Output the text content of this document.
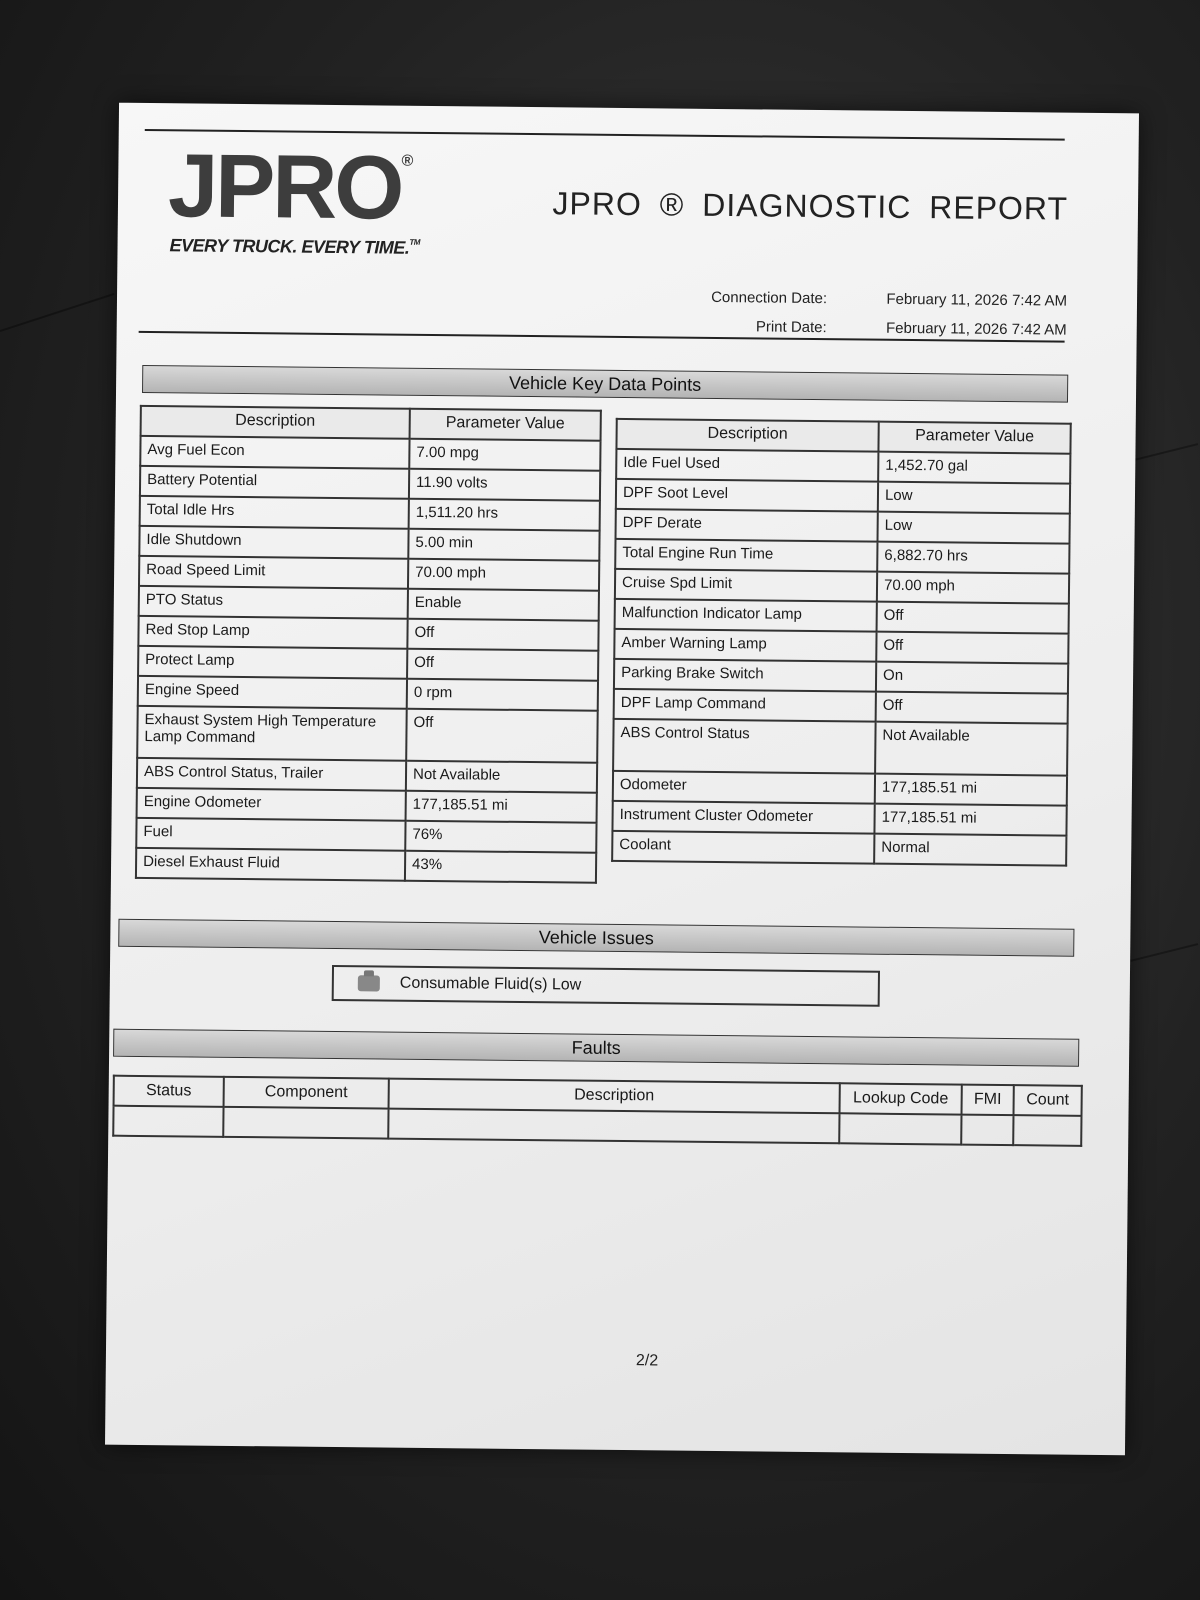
JPRO®
EVERY TRUCK. EVERY TIME.™
JPRO ® DIAGNOSTIC REPORT
Connection Date:	February 11, 2026 7:42 AM
Print Date:	February 11, 2026 7:42 AM
Vehicle Key Data Points
Description	Parameter Value
Avg Fuel Econ	7.00 mpg
Battery Potential	11.90 volts
Total Idle Hrs	1,511.20 hrs
Idle Shutdown	5.00 min
Road Speed Limit	70.00 mph
PTO Status	Enable
Red Stop Lamp	Off
Protect Lamp	Off
Engine Speed	0 rpm
Exhaust System High Temperature Lamp Command	Off
ABS Control Status, Trailer	Not Available
Engine Odometer	177,185.51 mi
Fuel	76%
Diesel Exhaust Fluid	43%
Description	Parameter Value
Idle Fuel Used	1,452.70 gal
DPF Soot Level	Low
DPF Derate	Low
Total Engine Run Time	6,882.70 hrs
Cruise Spd Limit	70.00 mph
Malfunction Indicator Lamp	Off
Amber Warning Lamp	Off
Parking Brake Switch	On
DPF Lamp Command	Off
ABS Control Status	Not Available
Odometer	177,185.51 mi
Instrument Cluster Odometer	177,185.51 mi
Coolant	Normal
Vehicle Issues
Consumable Fluid(s) Low
Faults
Status	Component	Description	Lookup Code	FMI	Count

2/2
